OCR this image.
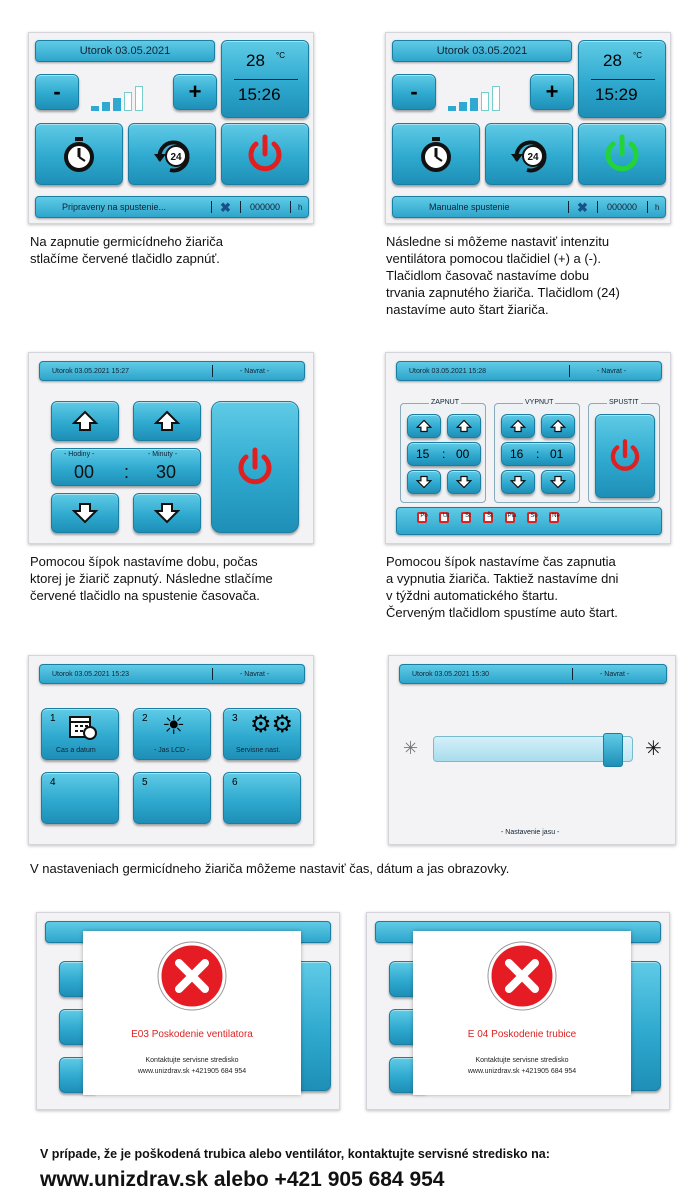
Utorok 03.05.2021
28 °C
15:26
-	+
24
Pripraveny na spustenie...	✖ 000000 h
Utorok 03.05.2021
28 °C
15:29
-	+
24
Manualne spustenie	✖ 000000 h
Na zapnutie germicídneho žiariča
stlačíme červené tlačidlo zapnúť.
Následne si môžeme nastaviť intenzitu
ventilátora pomocou tlačidiel (+) a (-).
Tlačidlom časovač nastavíme dobu
trvania zapnutého žiariča. Tlačidlom (24)
nastavíme auto štart žiariča.
Utorok 03.05.2021 15:27	- Navrat -
- Hodiny -	- Minuty -
00 : 30
Utorok 03.05.2021 15:28	- Navrat -
ZAPNUT
15 : 00
VYPNUT
16 : 01
SPUSTIT
Po	Ut	St	Št	Pia	So	Ne
Pomocou šípok nastavíme dobu, počas
ktorej je žiarič zapnutý. Následne stlačíme
červené tlačidlo na spustenie časovača.
Pomocou šípok nastavíme čas zapnutia
a vypnutia žiariča. Taktiež nastavíme dni
v týždni automatického štartu.
Červeným tlačidlom spustíme auto štart.
Utorok 03.05.2021 15:23	- Navrat -
1
Cas a datum
2 ☀
- Jas LCD -
3 ⚙⚙
Servisne nast.
4	5	6
Utorok 03.05.2021 15:30	- Navrat -
✳	✳
- Nastavenie jasu -
V nastaveniach germicídneho žiariča môžeme nastaviť čas, dátum a jas obrazovky.
E03 Poskodenie ventilatora
Kontaktujte servisne stredisko
www.unizdrav.sk +421905 684 954
E 04 Poskodenie trubice
Kontaktujte servisne stredisko
www.unizdrav.sk +421905 684 954
V prípade, že je poškodená trubica alebo ventilátor, kontaktujte servisné stredisko na:
www.unizdrav.sk alebo +421 905 684 954
